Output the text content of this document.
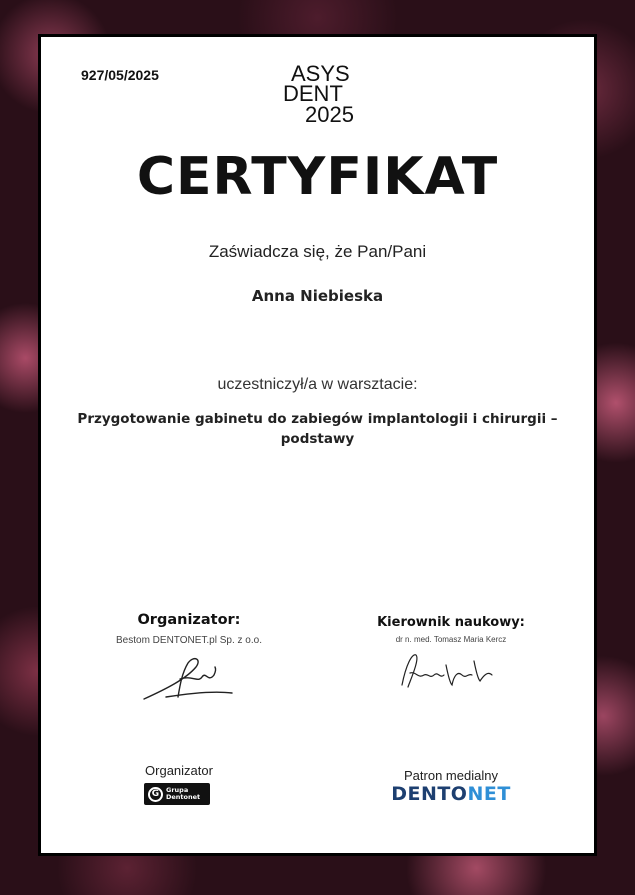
927/05/2025	ASYS
DENT
2025
CERTYFIKAT
Zaświadcza się, że Pan/Pani
Anna Niebieska
uczestniczył/a w warsztacie:
Przygotowanie gabinetu do zabiegów implantologii i chirurgii – podstawy
Organizator:
Bestom DENTONET.pl Sp. z o.o.
Kierownik naukowy:
dr n. med. Tomasz Maria Kercz
Organizator
G	Grupa
Dentonet
Patron medialny
DENTONET
